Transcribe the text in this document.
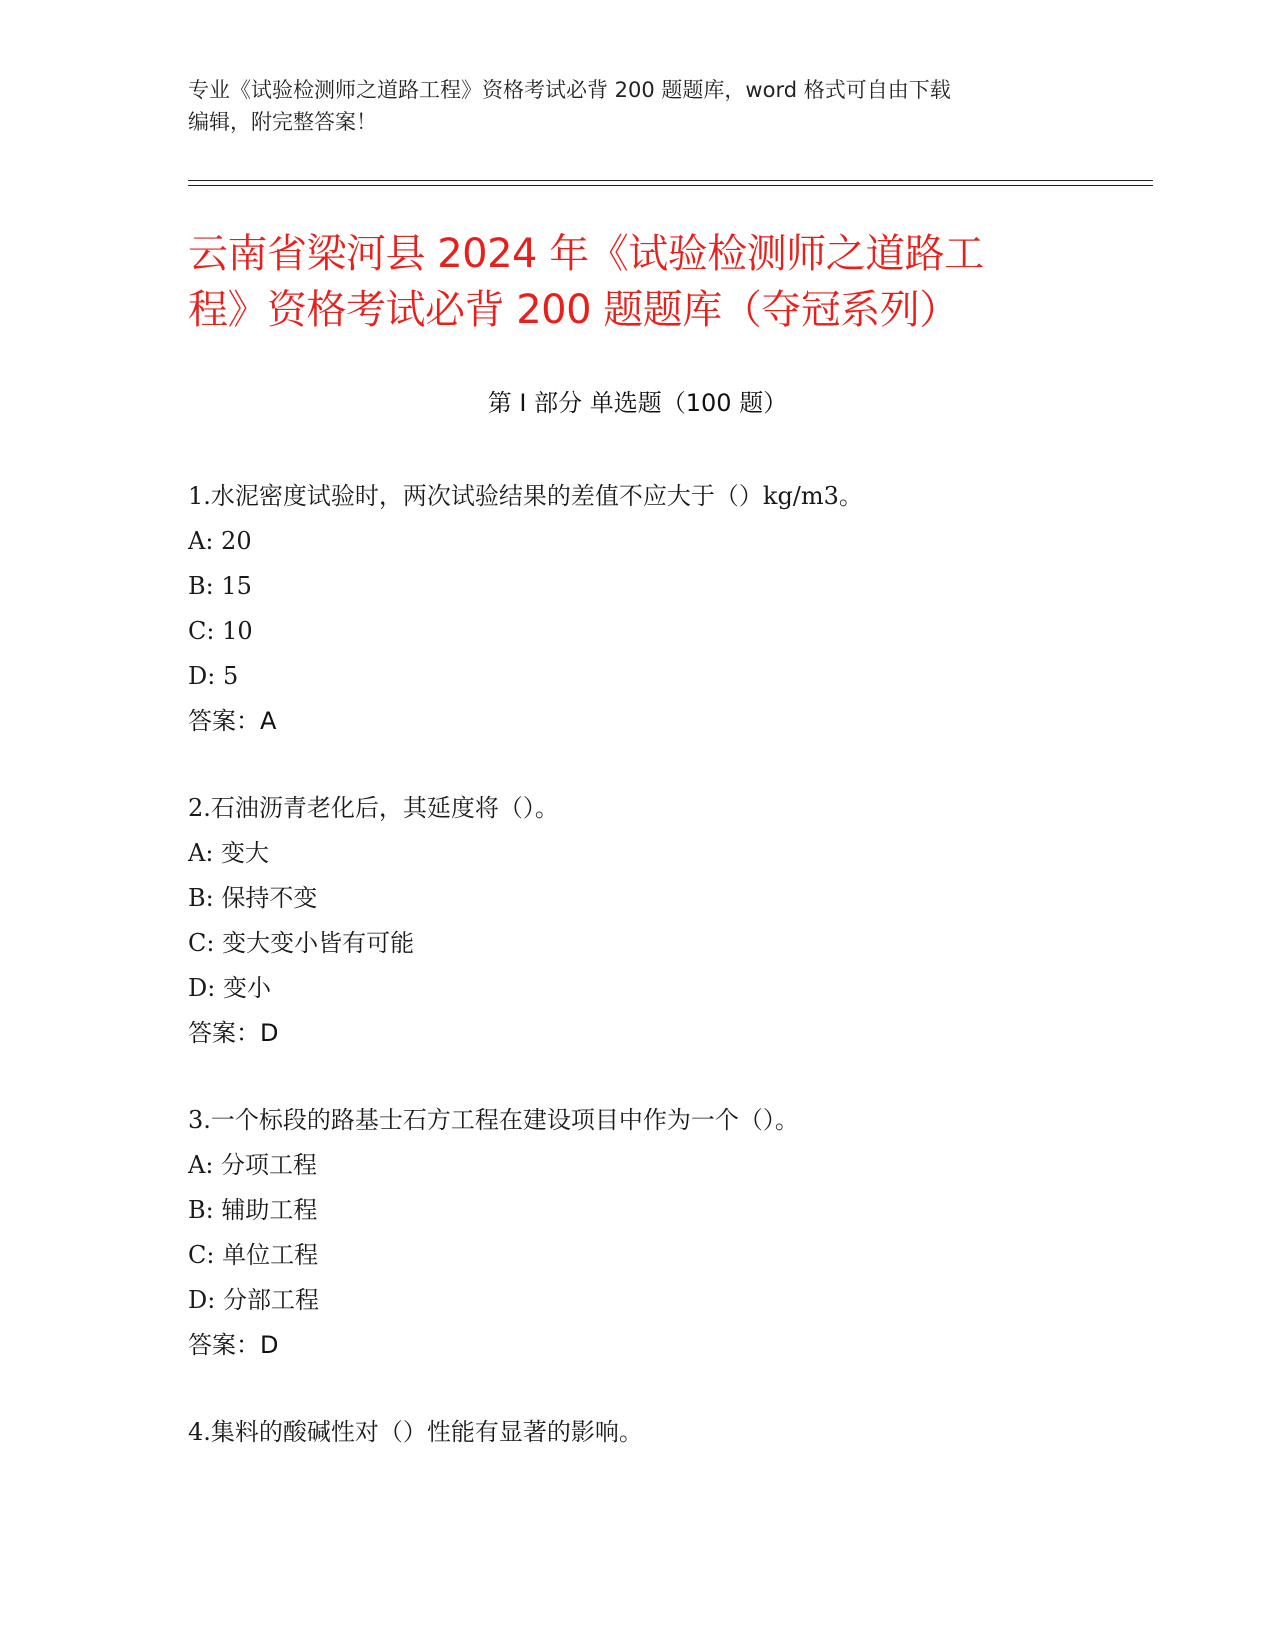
专业《试验检测师之道路工程》资格考试必背 200 题题库，word 格式可自由下载
编辑，附完整答案！
云南省梁河县 2024 年《试验检测师之道路工
程》资格考试必背 200 题题库（夺冠系列）
第 I 部分 单选题（100 题）
1.水泥密度试验时，两次试验结果的差值不应大于（）kg/m3。
A: 20
B: 15
C: 10
D: 5
答案：A
2.石油沥青老化后，其延度将（）。
A: 变大
B: 保持不变
C: 变大变小皆有可能
D: 变小
答案：D
3.一个标段的路基士石方工程在建设项目中作为一个（）。
A: 分项工程
B: 辅助工程
C: 单位工程
D: 分部工程
答案：D
4.集料的酸碱性对（）性能有显著的影响。
